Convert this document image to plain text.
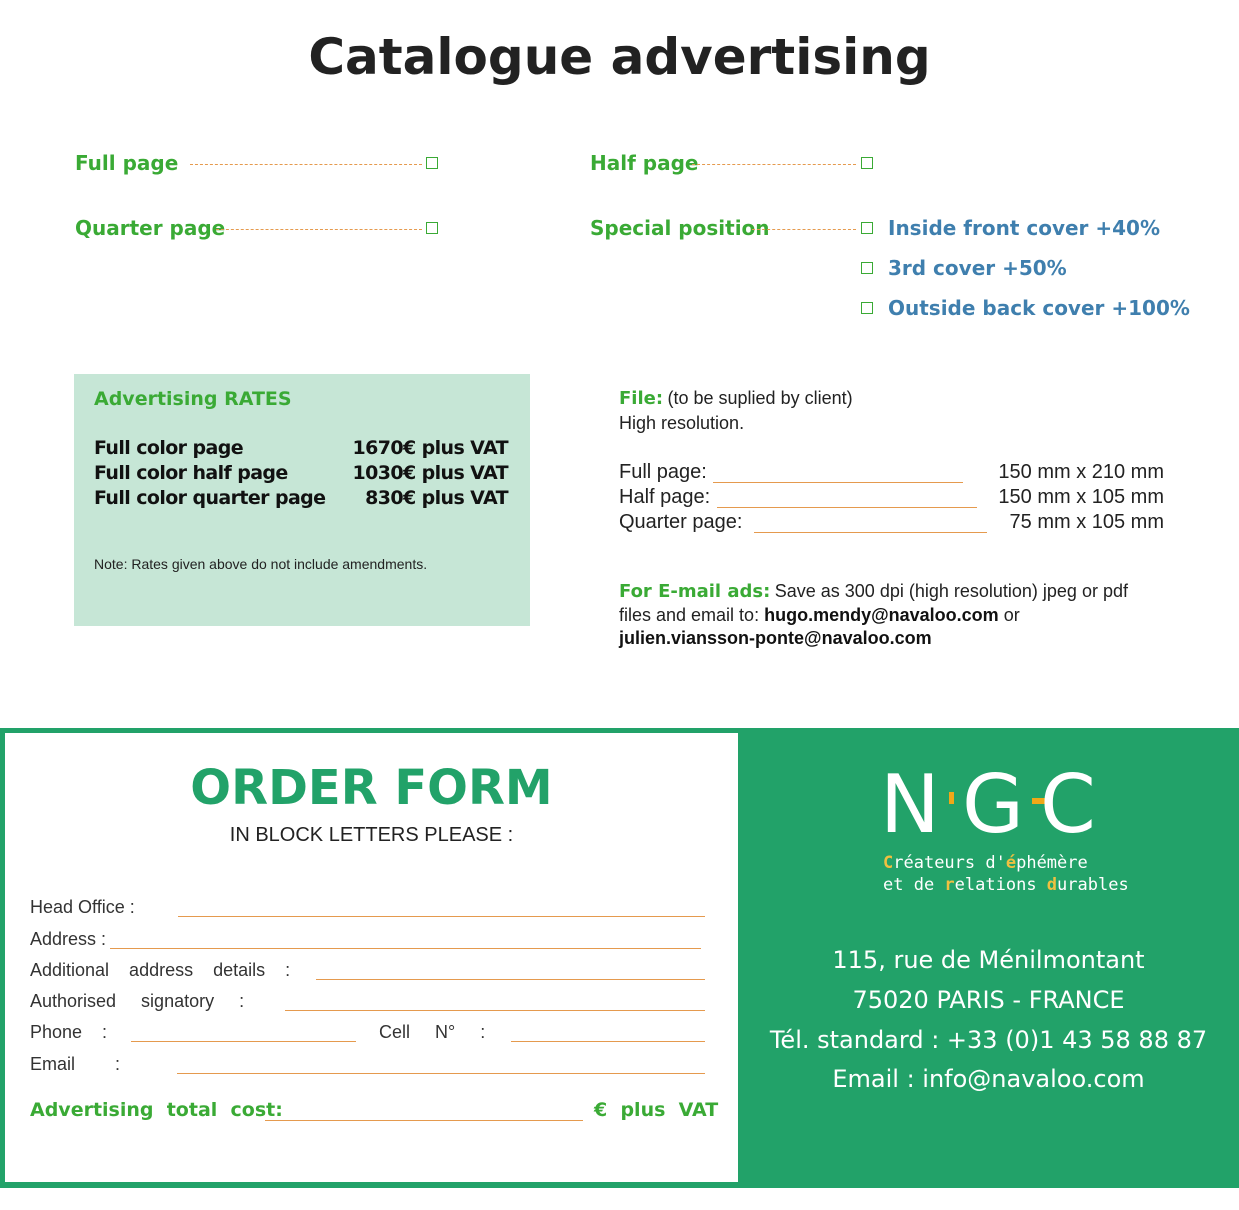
Catalogue advertising
Full page	Half page
Quarter page	Special position	Inside front cover +40%
3rd cover +50%
Outside back cover +100%
Advertising RATES
Full color page	1670€ plus VAT
Full color half page	1030€ plus VAT
Full color quarter page 830€ plus VAT
Note: Rates given above do not include amendments.
File: (to be suplied by client)
High resolution.
Full page:	150 mm x 210 mm
Half page:	150 mm x 105 mm
Quarter page:	75 mm x 105 mm
For E-mail ads: Save as 300 dpi (high resolution) jpeg or pdf
files and email to: hugo.mendy@navaloo.com or
julien.viansson-ponte@navaloo.com
ORDER FORM
IN BLOCK LETTERS PLEASE :
Head Office :
Address :
Additional    address    details    :
Authorised     signatory     :
Phone    :	Cell     N°     :
Email        :
Advertising  total  cost:	€  plus  VAT
N G C
Créateurs d'éphémère
et de relations durables
115, rue de Ménilmontant
75020 PARIS - FRANCE
Tél. standard : +33 (0)1 43 58 88 87
Email : info@navaloo.com
